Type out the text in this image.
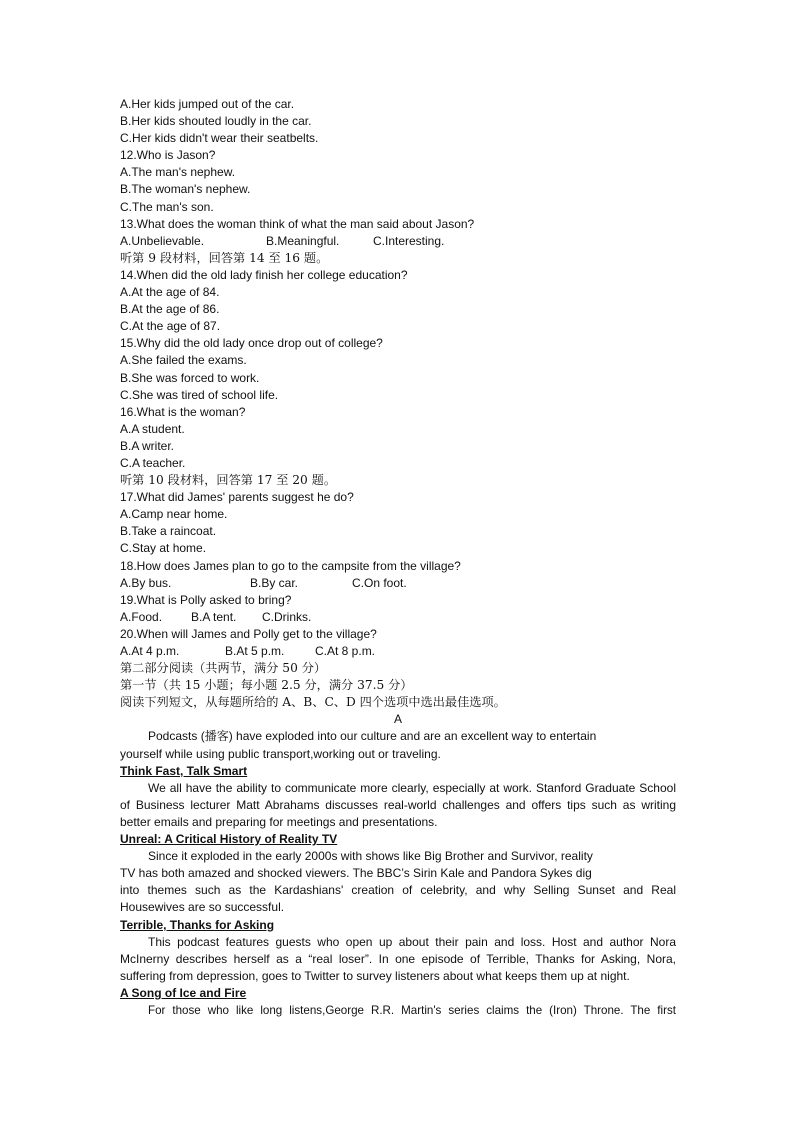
A.Her kids jumped out of the car.
B.Her kids shouted loudly in the car.
C.Her kids didn't wear their seatbelts.
12.Who is Jason?
A.The man's nephew.
B.The woman's nephew.
C.The man's son.
13.What does the woman think of what the man said about Jason?
A.Unbelievable.	B.Meaningful.	C.Interesting.
听第 9 段材料，回答第 14 至 16 题。
14.When did the old lady finish her college education?
A.At the age of 84.
B.At the age of 86.
C.At the age of 87.
15.Why did the old lady once drop out of college?
A.She failed the exams.
B.She was forced to work.
C.She was tired of school life.
16.What is the woman?
A.A student.
B.A writer.
C.A teacher.
听第 10 段材料，回答第 17 至 20 题。
17.What did James' parents suggest he do?
A.Camp near home.
B.Take a raincoat.
C.Stay at home.
18.How does James plan to go to the campsite from the village?
A.By bus.	B.By car.	C.On foot.
19.What is Polly asked to bring?
A.Food.	B.A tent.	C.Drinks.
20.When will James and Polly get to the village?
A.At 4 p.m.	B.At 5 p.m.	C.At 8 p.m.
第二部分阅读（共两节，满分 50 分）
第一节（共 15 小题；每小题 2.5 分，满分 37.5 分）
阅读下列短文，从每题所给的 A、B、C、D 四个选项中选出最佳选项。
A
Podcasts (播客) have exploded into our culture and are an excellent way to entertain
yourself while using public transport,working out or traveling.
Think Fast, Talk Smart
We all have the ability to communicate more clearly, especially at work. Stanford Graduate School of Business lecturer Matt Abrahams discusses real-world challenges and offers tips such as writing better emails and preparing for meetings and presentations.
Unreal: A Critical History of Reality TV
Since it exploded in the early 2000s with shows like Big Brother and Survivor, reality
TV has both amazed and shocked viewers. The BBC’s Sirin Kale and Pandora Sykes dig
into themes such as the Kardashians' creation of celebrity, and why Selling Sunset and Real
Housewives are so successful.
Terrible, Thanks for Asking
This podcast features guests who open up about their pain and loss. Host and author Nora McInerny describes herself as a “real loser”. In one episode of Terrible, Thanks for Asking, Nora, suffering from depression, goes to Twitter to survey listeners about what keeps them up at night.
A Song of Ice and Fire
For those who like long listens,George R.R. Martin's series claims the (Iron) Throne. The first
